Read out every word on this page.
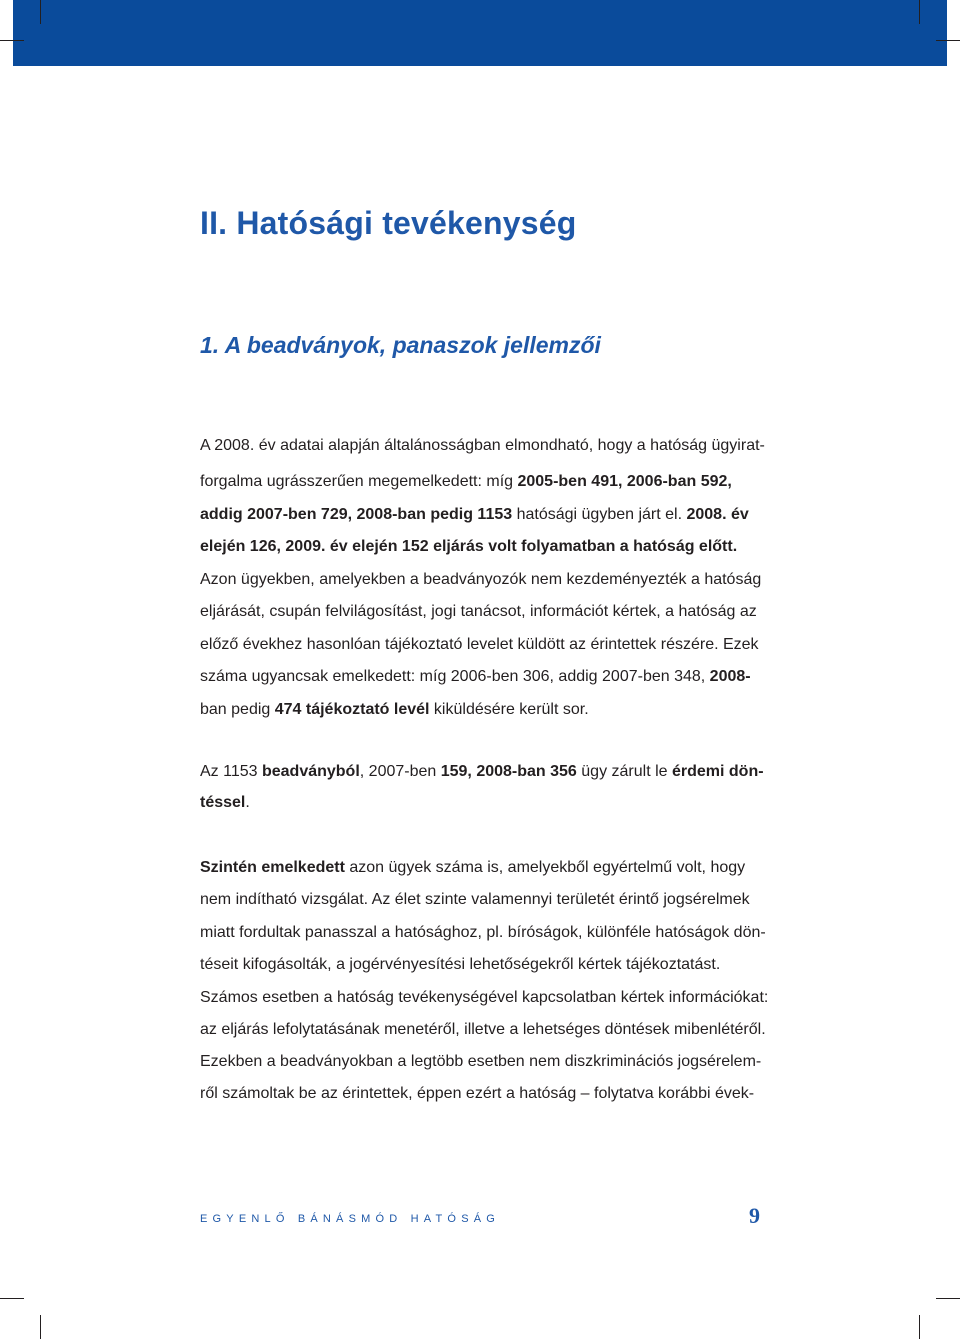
II. Hatósági tevékenység
1. A beadványok, panaszok jellemzői

A 2008. év adatai alapján általánosságban elmondható, hogy a hatóság ügyirat-

forgalma ugrásszerűen megemelkedett: míg 2005-ben 491, 2006-ban 592,

addig 2007-ben 729, 2008-ban pedig 1153 hatósági ügyben járt el. 2008. év

elején 126, 2009. év elején 152 eljárás volt folyamatban a hatóság előtt.

Azon ügyekben, amelyekben a beadványozók nem kezdeményezték a hatóság

eljárását, csupán felvilágosítást, jogi tanácsot, információt kértek, a hatóság az

előző évekhez hasonlóan tájékoztató levelet küldött az érintettek részére. Ezek

száma ugyancsak emelkedett: míg 2006-ben 306, addig 2007-ben 348, 2008-

ban pedig 474 tájékoztató levél kiküldésére került sor.

Az 1153 beadványból, 2007-ben 159, 2008-ban 356 ügy zárult le érdemi dön-

téssel.

Szintén emelkedett azon ügyek száma is, amelyekből egyértelmű volt, hogy

nem indítható vizsgálat. Az élet szinte valamennyi területét érintő jogsérelmek

miatt fordultak panasszal a hatósághoz, pl. bíróságok, különféle hatóságok dön-

téseit kifogásolták, a jogérvényesítési lehetőségekről kértek tájékoztatást.

Számos esetben a hatóság tevékenységével kapcsolatban kértek információkat:

az eljárás lefolytatásának menetéről, illetve a lehetséges döntések mibenlétéről.

Ezekben a beadványokban a legtöbb esetben nem diszkriminációs jogsérelem-

ről számoltak be az érintettek, éppen ezért a hatóság – folytatva korábbi évek-

EGYENLŐ BÁNÁSMÓD HATÓSÁG	9
